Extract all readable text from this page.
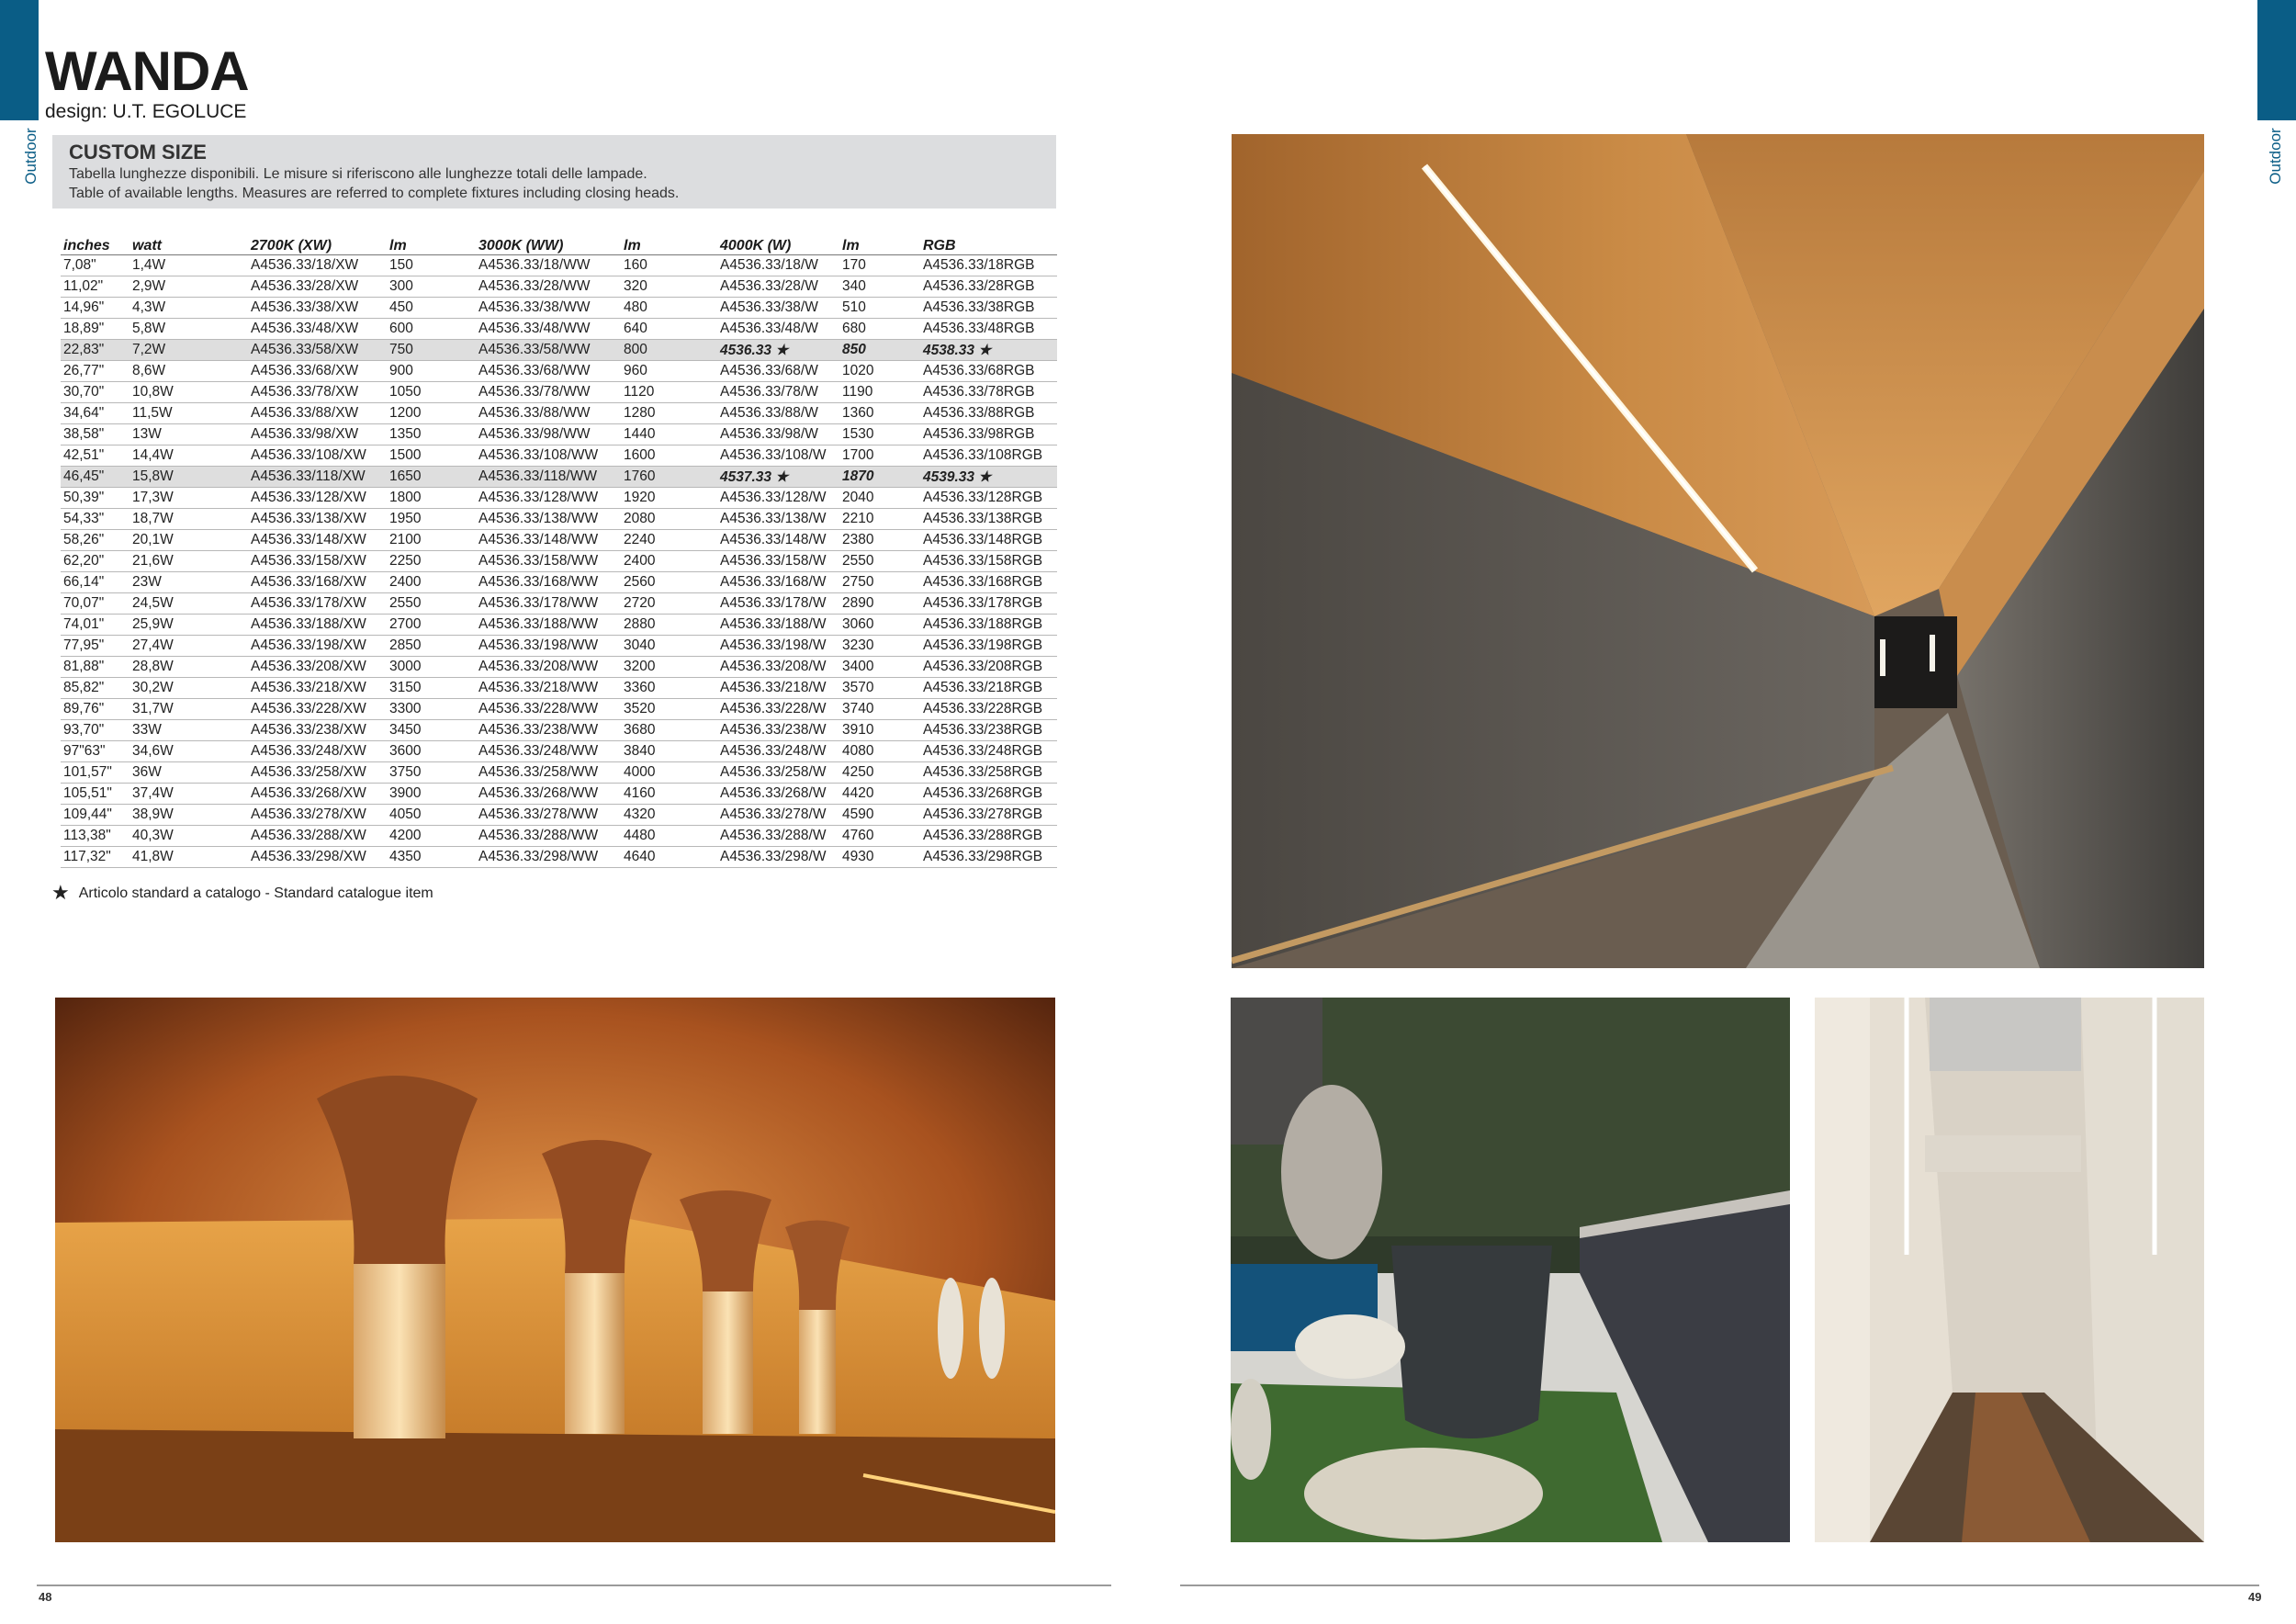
Outdoor	Outdoor
WANDA
design: U.T. EGOLUCE
CUSTOM SIZE
Tabella lunghezze disponibili. Le misure si riferiscono alle lunghezze totali delle lampade.
Table of available lengths. Measures are referred to complete fixtures including closing heads.
inches	watt	2700K (XW)	lm	3000K (WW)	lm	4000K (W)	lm	RGB
7,08"	1,4W	A4536.33/18/XW	150	A4536.33/18/WW	160	A4536.33/18/W	170	A4536.33/18RGB
11,02"	2,9W	A4536.33/28/XW	300	A4536.33/28/WW	320	A4536.33/28/W	340	A4536.33/28RGB
14,96"	4,3W	A4536.33/38/XW	450	A4536.33/38/WW	480	A4536.33/38/W	510	A4536.33/38RGB
18,89"	5,8W	A4536.33/48/XW	600	A4536.33/48/WW	640	A4536.33/48/W	680	A4536.33/48RGB
22,83"	7,2W	A4536.33/58/XW	750	A4536.33/58/WW	800	4536.33 ★	850	4538.33 ★
26,77"	8,6W	A4536.33/68/XW	900	A4536.33/68/WW	960	A4536.33/68/W	1020	A4536.33/68RGB
30,70"	10,8W	A4536.33/78/XW	1050	A4536.33/78/WW	1120	A4536.33/78/W	1190	A4536.33/78RGB
34,64"	11,5W	A4536.33/88/XW	1200	A4536.33/88/WW	1280	A4536.33/88/W	1360	A4536.33/88RGB
38,58"	13W	A4536.33/98/XW	1350	A4536.33/98/WW	1440	A4536.33/98/W	1530	A4536.33/98RGB
42,51"	14,4W	A4536.33/108/XW	1500	A4536.33/108/WW	1600	A4536.33/108/W	1700	A4536.33/108RGB
46,45"	15,8W	A4536.33/118/XW	1650	A4536.33/118/WW	1760	4537.33 ★	1870	4539.33 ★
50,39"	17,3W	A4536.33/128/XW	1800	A4536.33/128/WW	1920	A4536.33/128/W	2040	A4536.33/128RGB
54,33"	18,7W	A4536.33/138/XW	1950	A4536.33/138/WW	2080	A4536.33/138/W	2210	A4536.33/138RGB
58,26"	20,1W	A4536.33/148/XW	2100	A4536.33/148/WW	2240	A4536.33/148/W	2380	A4536.33/148RGB
62,20"	21,6W	A4536.33/158/XW	2250	A4536.33/158/WW	2400	A4536.33/158/W	2550	A4536.33/158RGB
66,14"	23W	A4536.33/168/XW	2400	A4536.33/168/WW	2560	A4536.33/168/W	2750	A4536.33/168RGB
70,07"	24,5W	A4536.33/178/XW	2550	A4536.33/178/WW	2720	A4536.33/178/W	2890	A4536.33/178RGB
74,01"	25,9W	A4536.33/188/XW	2700	A4536.33/188/WW	2880	A4536.33/188/W	3060	A4536.33/188RGB
77,95"	27,4W	A4536.33/198/XW	2850	A4536.33/198/WW	3040	A4536.33/198/W	3230	A4536.33/198RGB
81,88"	28,8W	A4536.33/208/XW	3000	A4536.33/208/WW	3200	A4536.33/208/W	3400	A4536.33/208RGB
85,82"	30,2W	A4536.33/218/XW	3150	A4536.33/218/WW	3360	A4536.33/218/W	3570	A4536.33/218RGB
89,76"	31,7W	A4536.33/228/XW	3300	A4536.33/228/WW	3520	A4536.33/228/W	3740	A4536.33/228RGB
93,70"	33W	A4536.33/238/XW	3450	A4536.33/238/WW	3680	A4536.33/238/W	3910	A4536.33/238RGB
97"63"	34,6W	A4536.33/248/XW	3600	A4536.33/248/WW	3840	A4536.33/248/W	4080	A4536.33/248RGB
101,57"	36W	A4536.33/258/XW	3750	A4536.33/258/WW	4000	A4536.33/258/W	4250	A4536.33/258RGB
105,51"	37,4W	A4536.33/268/XW	3900	A4536.33/268/WW	4160	A4536.33/268/W	4420	A4536.33/268RGB
109,44"	38,9W	A4536.33/278/XW	4050	A4536.33/278/WW	4320	A4536.33/278/W	4590	A4536.33/278RGB
113,38"	40,3W	A4536.33/288/XW	4200	A4536.33/288/WW	4480	A4536.33/288/W	4760	A4536.33/288RGB
117,32"	41,8W	A4536.33/298/XW	4350	A4536.33/298/WW	4640	A4536.33/298/W	4930	A4536.33/298RGB
★ Articolo standard a catalogo - Standard catalogue item
48	49
